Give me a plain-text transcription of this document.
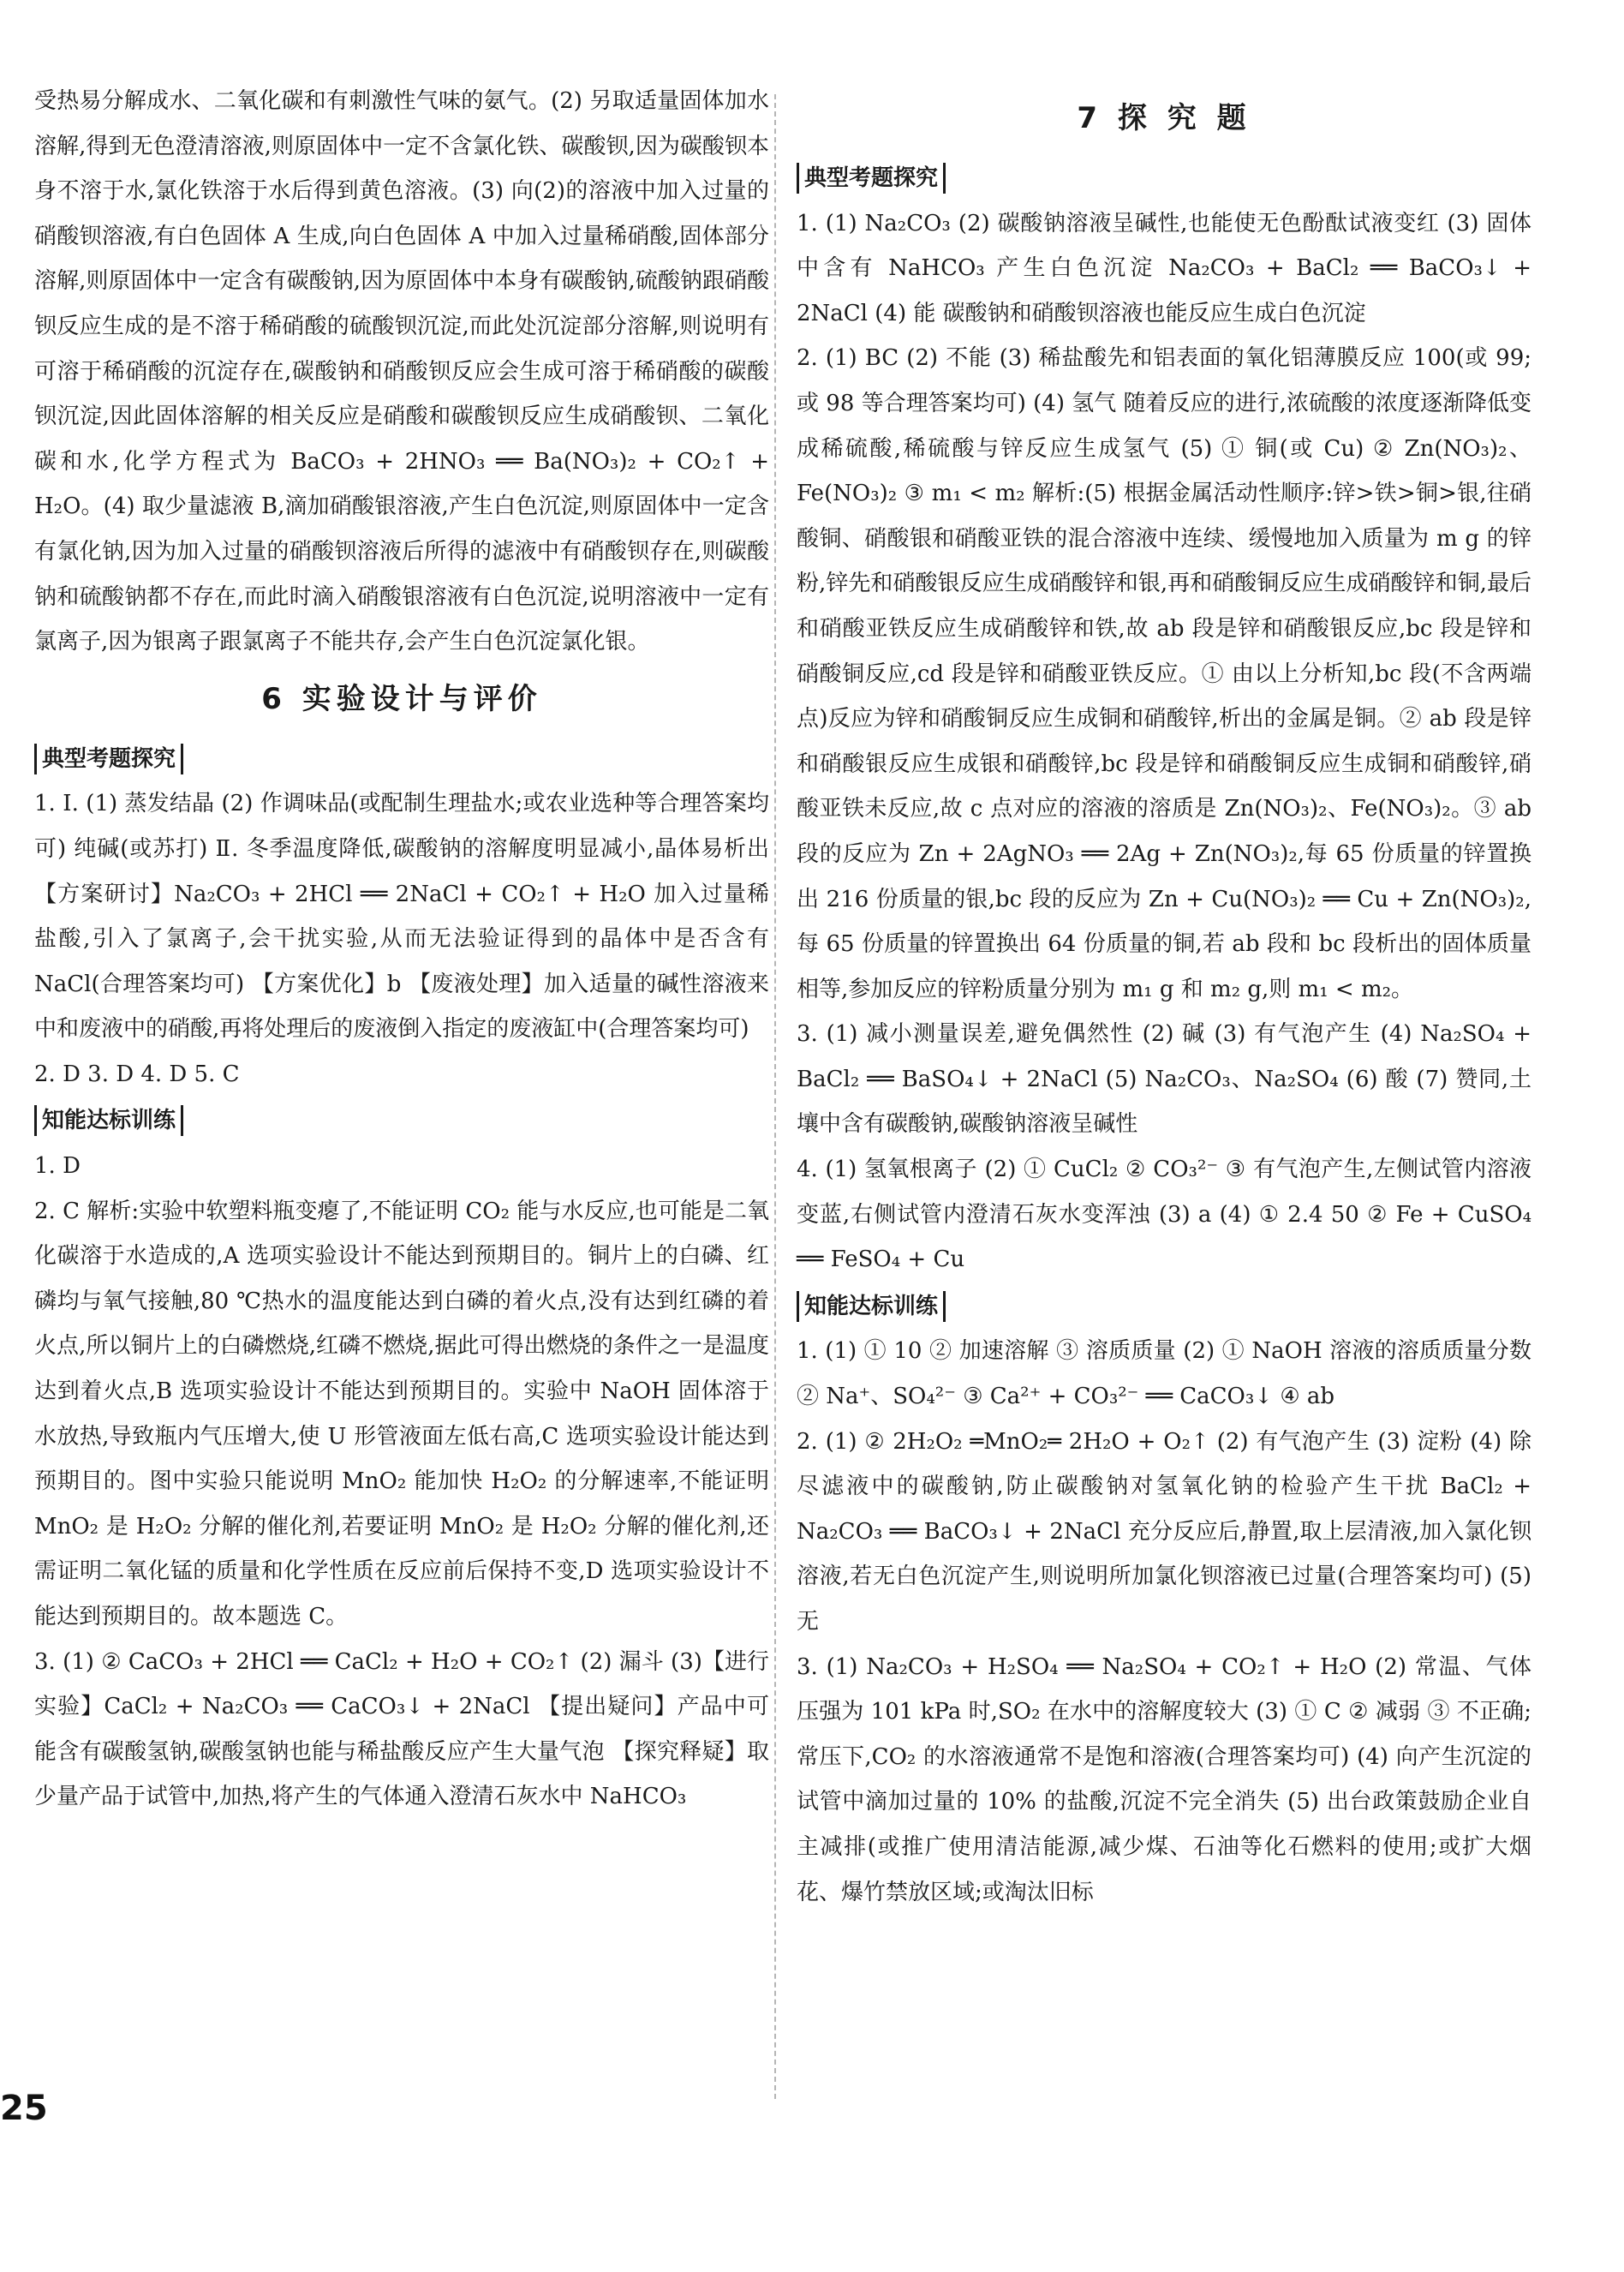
受热易分解成水、二氧化碳和有刺激性气味的氨气。(2) 另取适量固体加水溶解,得到无色澄清溶液,则原固体中一定不含氯化铁、碳酸钡,因为碳酸钡本身不溶于水,氯化铁溶于水后得到黄色溶液。(3) 向(2)的溶液中加入过量的硝酸钡溶液,有白色固体 A 生成,向白色固体 A 中加入过量稀硝酸,固体部分溶解,则原固体中一定含有碳酸钠,因为原固体中本身有碳酸钠,硫酸钠跟硝酸钡反应生成的是不溶于稀硝酸的硫酸钡沉淀,而此处沉淀部分溶解,则说明有可溶于稀硝酸的沉淀存在,碳酸钠和硝酸钡反应会生成可溶于稀硝酸的碳酸钡沉淀,因此固体溶解的相关反应是硝酸和碳酸钡反应生成硝酸钡、二氧化碳和水,化学方程式为 BaCO₃ + 2HNO₃ ══ Ba(NO₃)₂ + CO₂↑ + H₂O。(4) 取少量滤液 B,滴加硝酸银溶液,产生白色沉淀,则原固体中一定含有氯化钠,因为加入过量的硝酸钡溶液后所得的滤液中有硝酸钡存在,则碳酸钠和硫酸钠都不存在,而此时滴入硝酸银溶液有白色沉淀,说明溶液中一定有氯离子,因为银离子跟氯离子不能共存,会产生白色沉淀氯化银。

6 实验设计与评价
典型考题探究

1. Ⅰ. (1) 蒸发结晶 (2) 作调味品(或配制生理盐水;或农业选种等合理答案均可) 纯碱(或苏打) Ⅱ. 冬季温度降低,碳酸钠的溶解度明显减小,晶体易析出 【方案研讨】Na₂CO₃ + 2HCl ══ 2NaCl + CO₂↑ + H₂O 加入过量稀盐酸,引入了氯离子,会干扰实验,从而无法验证得到的晶体中是否含有 NaCl(合理答案均可) 【方案优化】b 【废液处理】加入适量的碱性溶液来中和废液中的硝酸,再将处理后的废液倒入指定的废液缸中(合理答案均可)

2. D 3. D 4. D 5. C

知能达标训练

1. D

2. C 解析:实验中软塑料瓶变瘪了,不能证明 CO₂ 能与水反应,也可能是二氧化碳溶于水造成的,A 选项实验设计不能达到预期目的。铜片上的白磷、红磷均与氧气接触,80 ℃热水的温度能达到白磷的着火点,没有达到红磷的着火点,所以铜片上的白磷燃烧,红磷不燃烧,据此可得出燃烧的条件之一是温度达到着火点,B 选项实验设计不能达到预期目的。实验中 NaOH 固体溶于水放热,导致瓶内气压增大,使 U 形管液面左低右高,C 选项实验设计能达到预期目的。图中实验只能说明 MnO₂ 能加快 H₂O₂ 的分解速率,不能证明 MnO₂ 是 H₂O₂ 分解的催化剂,若要证明 MnO₂ 是 H₂O₂ 分解的催化剂,还需证明二氧化锰的质量和化学性质在反应前后保持不变,D 选项实验设计不能达到预期目的。故本题选 C。

3. (1) ② CaCO₃ + 2HCl ══ CaCl₂ + H₂O + CO₂↑ (2) 漏斗 (3)【进行实验】CaCl₂ + Na₂CO₃ ══ CaCO₃↓ + 2NaCl 【提出疑问】产品中可能含有碳酸氢钠,碳酸氢钠也能与稀盐酸反应产生大量气泡 【探究释疑】取少量产品于试管中,加热,将产生的气体通入澄清石灰水中 NaHCO₃

7 探 究 题
典型考题探究

1. (1) Na₂CO₃ (2) 碳酸钠溶液呈碱性,也能使无色酚酞试液变红 (3) 固体中含有 NaHCO₃ 产生白色沉淀 Na₂CO₃ + BaCl₂ ══ BaCO₃↓ + 2NaCl (4) 能 碳酸钠和硝酸钡溶液也能反应生成白色沉淀

2. (1) BC (2) 不能 (3) 稀盐酸先和铝表面的氧化铝薄膜反应 100(或 99;或 98 等合理答案均可) (4) 氢气 随着反应的进行,浓硫酸的浓度逐渐降低变成稀硫酸,稀硫酸与锌反应生成氢气 (5) ① 铜(或 Cu) ② Zn(NO₃)₂、Fe(NO₃)₂ ③ m₁ < m₂ 解析:(5) 根据金属活动性顺序:锌>铁>铜>银,往硝酸铜、硝酸银和硝酸亚铁的混合溶液中连续、缓慢地加入质量为 m g 的锌粉,锌先和硝酸银反应生成硝酸锌和银,再和硝酸铜反应生成硝酸锌和铜,最后和硝酸亚铁反应生成硝酸锌和铁,故 ab 段是锌和硝酸银反应,bc 段是锌和硝酸铜反应,cd 段是锌和硝酸亚铁反应。① 由以上分析知,bc 段(不含两端点)反应为锌和硝酸铜反应生成铜和硝酸锌,析出的金属是铜。② ab 段是锌和硝酸银反应生成银和硝酸锌,bc 段是锌和硝酸铜反应生成铜和硝酸锌,硝酸亚铁未反应,故 c 点对应的溶液的溶质是 Zn(NO₃)₂、Fe(NO₃)₂。③ ab 段的反应为 Zn + 2AgNO₃ ══ 2Ag + Zn(NO₃)₂,每 65 份质量的锌置换出 216 份质量的银,bc 段的反应为 Zn + Cu(NO₃)₂ ══ Cu + Zn(NO₃)₂,每 65 份质量的锌置换出 64 份质量的铜,若 ab 段和 bc 段析出的固体质量相等,参加反应的锌粉质量分别为 m₁ g 和 m₂ g,则 m₁ < m₂。

3. (1) 减小测量误差,避免偶然性 (2) 碱 (3) 有气泡产生 (4) Na₂SO₄ + BaCl₂ ══ BaSO₄↓ + 2NaCl (5) Na₂CO₃、Na₂SO₄ (6) 酸 (7) 赞同,土壤中含有碳酸钠,碳酸钠溶液呈碱性

4. (1) 氢氧根离子 (2) ① CuCl₂ ② CO₃²⁻ ③ 有气泡产生,左侧试管内溶液变蓝,右侧试管内澄清石灰水变浑浊 (3) a (4) ① 2.4 50 ② Fe + CuSO₄ ══ FeSO₄ + Cu

知能达标训练

1. (1) ① 10 ② 加速溶解 ③ 溶质质量 (2) ① NaOH 溶液的溶质质量分数 ② Na⁺、SO₄²⁻ ③ Ca²⁺ + CO₃²⁻ ══ CaCO₃↓ ④ ab

2. (1) ② 2H₂O₂ ═MnO₂═ 2H₂O + O₂↑ (2) 有气泡产生 (3) 淀粉 (4) 除尽滤液中的碳酸钠,防止碳酸钠对氢氧化钠的检验产生干扰 BaCl₂ + Na₂CO₃ ══ BaCO₃↓ + 2NaCl 充分反应后,静置,取上层清液,加入氯化钡溶液,若无白色沉淀产生,则说明所加氯化钡溶液已过量(合理答案均可) (5) 无

3. (1) Na₂CO₃ + H₂SO₄ ══ Na₂SO₄ + CO₂↑ + H₂O (2) 常温、气体压强为 101 kPa 时,SO₂ 在水中的溶解度较大 (3) ① C ② 减弱 ③ 不正确;常压下,CO₂ 的水溶液通常不是饱和溶液(合理答案均可) (4) 向产生沉淀的试管中滴加过量的 10% 的盐酸,沉淀不完全消失 (5) 出台政策鼓励企业自主减排(或推广使用清洁能源,减少煤、石油等化石燃料的使用;或扩大烟花、爆竹禁放区域;或淘汰旧标

25
